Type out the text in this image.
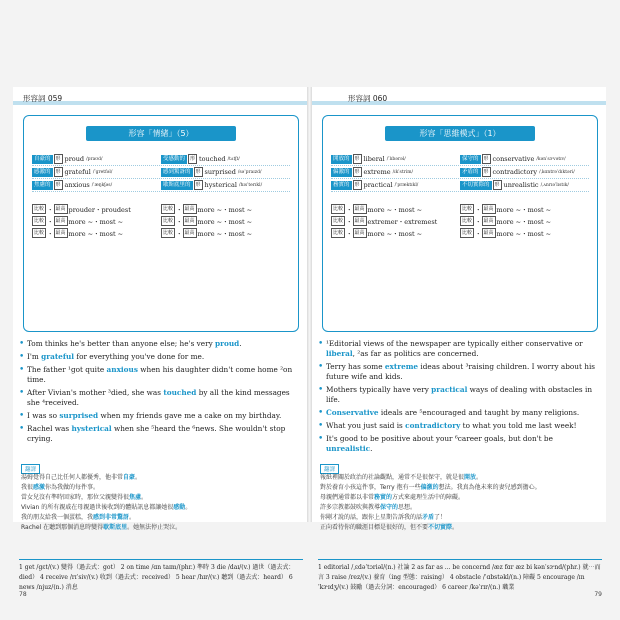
形容詞 059
形容「情緒」（5）
自豪的	形 proud /praʊd/	受感動的	形 touched /tʌtʃt/
感激的	形 grateful /ˈgretfəl/	感到驚訝的	形 surprised /səˈpraɪzd/
焦慮的	形 anxious /ˈæŋkʃəs/	歇斯底里的	形 hysterical /hɪsˈterɪkl/
比較 ・ 最高 prouder・proudest	比較 ・ 最高 more ~・most ~
比較 ・ 最高 more ~・most ~	比較 ・ 最高 more ~・most ~
比較 ・ 最高 more ~・most ~	比較 ・ 最高 more ~・most ~
• Tom thinks he's better than anyone else; he's very proud.
• I'm grateful for everything you've done for me.
• The father ¹got quite anxious when his daughter didn't come home ²on time.
• After Vivian's mother ³died, she was touched by all the kind messages she ⁴received.
• I was so surprised when my friends gave me a cake on my birthday.
• Rachel was hysterical when she ⁵heard the ⁶news. She wouldn't stop crying.
翻譯
湯姆覺得自己比任何人都優秀，他非常自豪。
我很感激你為我做的每件事。
當女兒沒有準時回家時，那位父親變得很焦慮。
Vivian 的所有親戚在母親過世後收到的體貼訊息都讓她很感動。
我的朋友給我一個蛋糕，我感到非常驚訝。
Rachel 在聽到那個消息時變得歇斯底里。她無法停止哭泣。
1 get /gɛt/(v.) 變得（過去式：got） 2 on time /ɑn taɪm/(phr.) 準時 3 die /daɪ/(v.) 過世（過去式：died） 4 receive /rɪˈsiv/(v.) 收到（過去式：received） 5 hear /hɪr/(v.) 聽到（過去式：heard） 6 news /njuz/(n.) 消息
78
形容詞 060
形容「思維模式」（1）
開放的	形 liberal /ˈlɪbərəl/	保守的	形 conservative /kənˈsɝvətɪv/
偏激的	形 extreme /ɪkˈstrim/	矛盾的	形 contradictory /ˌkɑntrəˈdɪktəri/
務實的	形 practical /ˈpræktɪkl/	不切實際的	形 unrealistic /ˌʌnrɪəˈlɪstɪk/
比較 ・ 最高 more ~・most ~	比較 ・ 最高 more ~・most ~
比較 ・ 最高 extremer・extremest	比較 ・ 最高 more ~・most ~
比較 ・ 最高 more ~・most ~	比較 ・ 最高 more ~・most ~
• ¹Editorial views of the newspaper are typically either conservative or liberal, ²as far as politics are concerned.
• Terry has some extreme ideas about ³raising children. I worry about his future wife and kids.
• Mothers typically have very practical ways of dealing with obstacles in life.
• Conservative ideals are ⁵encouraged and taught by many religions.
• What you just said is contradictory to what you told me last week!
• It's good to be positive about your ⁶career goals, but don't be unrealistic.
翻譯
報紙裡關於政治的社論觀點，通常不是很保守，就是很開放。
對於養育小孩這件事，Terry 抱有一些偏激的想法。我真為他未來的妻兒感到擔心。
母親們通常都以非常務實的方式來處理生活中的障礙。
許多宗教都鼓吹與教導保守的思想。
你剛才說的話，跟你上星期告訴我的話矛盾了！
正向看待你的職涯目標是很好的，但不要不切實際。
1 editorial /ˌɛdəˈtɔriəl/(n.) 社論 2 as far as ... be concernd /æz fɑr æz bi kənˈsɝnd/(phr.) 就⋯而言 3 raise /rez/(v.) 養育（ing 型態：raising） 4 obstacle /ˈɑbstəkl/(n.) 障礙 5 encourage /ɪnˈkɝɪdʒ/(v.) 鼓勵（過去分詞：encouraged） 6 career /kəˈrɪr/(n.) 職業
79
